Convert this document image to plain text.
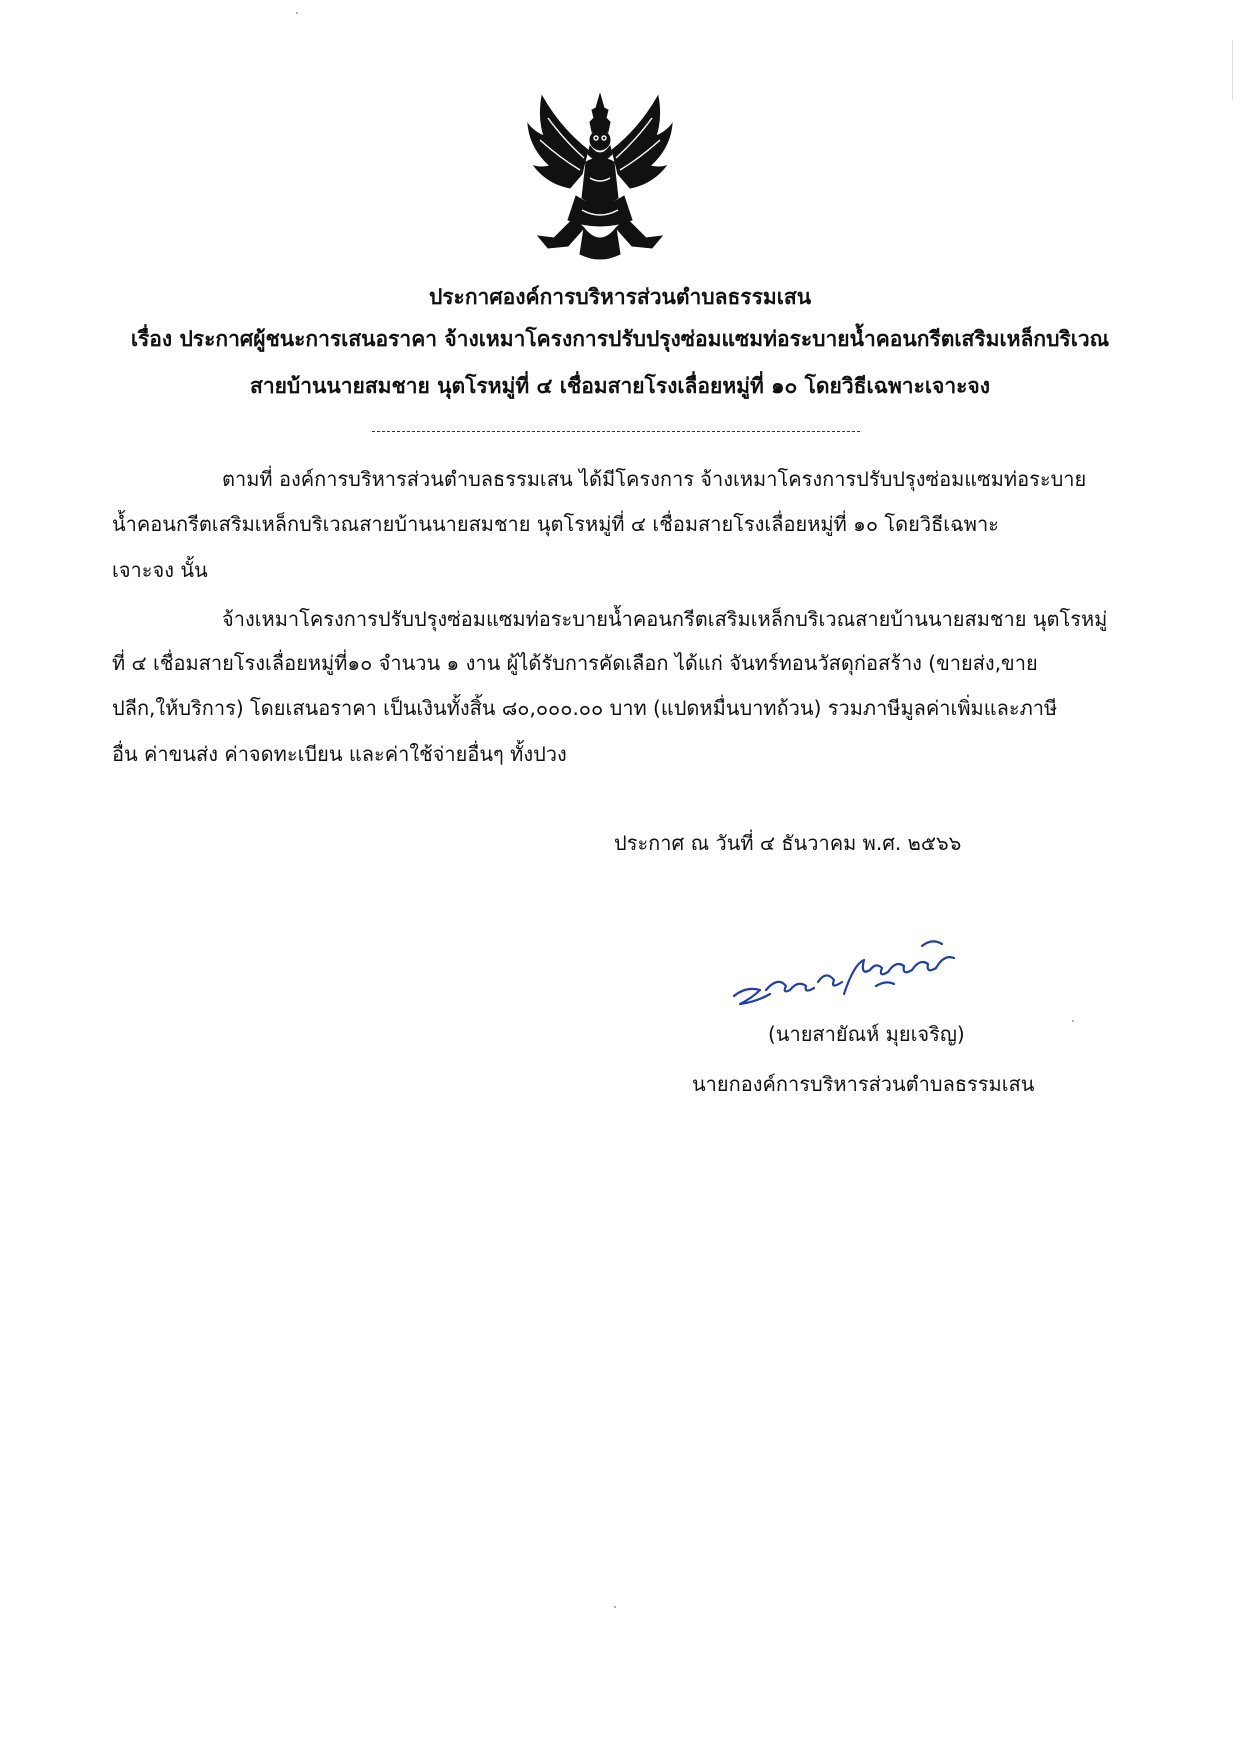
ประกาศองค์การบริหารส่วนตำบลธรรมเสน
เรื่อง ประกาศผู้ชนะการเสนอราคา จ้างเหมาโครงการปรับปรุงซ่อมแซมท่อระบายน้ำคอนกรีตเสริมเหล็กบริเวณ
สายบ้านนายสมชาย นุตโรหมู่ที่ ๔ เชื่อมสายโรงเลื่อยหมู่ที่ ๑๐ โดยวิธีเฉพาะเจาะจง
ตามที่ องค์การบริหารส่วนตำบลธรรมเสน ได้มีโครงการ จ้างเหมาโครงการปรับปรุงซ่อมแซมท่อระบาย
น้ำคอนกรีตเสริมเหล็กบริเวณสายบ้านนายสมชาย นุตโรหมู่ที่ ๔ เชื่อมสายโรงเลื่อยหมู่ที่ ๑๐ โดยวิธีเฉพาะ
เจาะจง นั้น
จ้างเหมาโครงการปรับปรุงซ่อมแซมท่อระบายน้ำคอนกรีตเสริมเหล็กบริเวณสายบ้านนายสมชาย นุตโรหมู่
ที่ ๔ เชื่อมสายโรงเลื่อยหมู่ที่๑๐ จำนวน ๑ งาน ผู้ได้รับการคัดเลือก ได้แก่ จันทร์ทอนวัสดุก่อสร้าง (ขายส่ง,ขาย
ปลีก,ให้บริการ) โดยเสนอราคา เป็นเงินทั้งสิ้น ๘๐,๐๐๐.๐๐ บาท (แปดหมื่นบาทถ้วน) รวมภาษีมูลค่าเพิ่มและภาษี
อื่น ค่าขนส่ง ค่าจดทะเบียน และค่าใช้จ่ายอื่นๆ ทั้งปวง
ประกาศ ณ วันที่ ๔ ธันวาคม พ.ศ. ๒๕๖๖
(นายสายัณห์ มุยเจริญ)
นายกองค์การบริหารส่วนตำบลธรรมเสน
